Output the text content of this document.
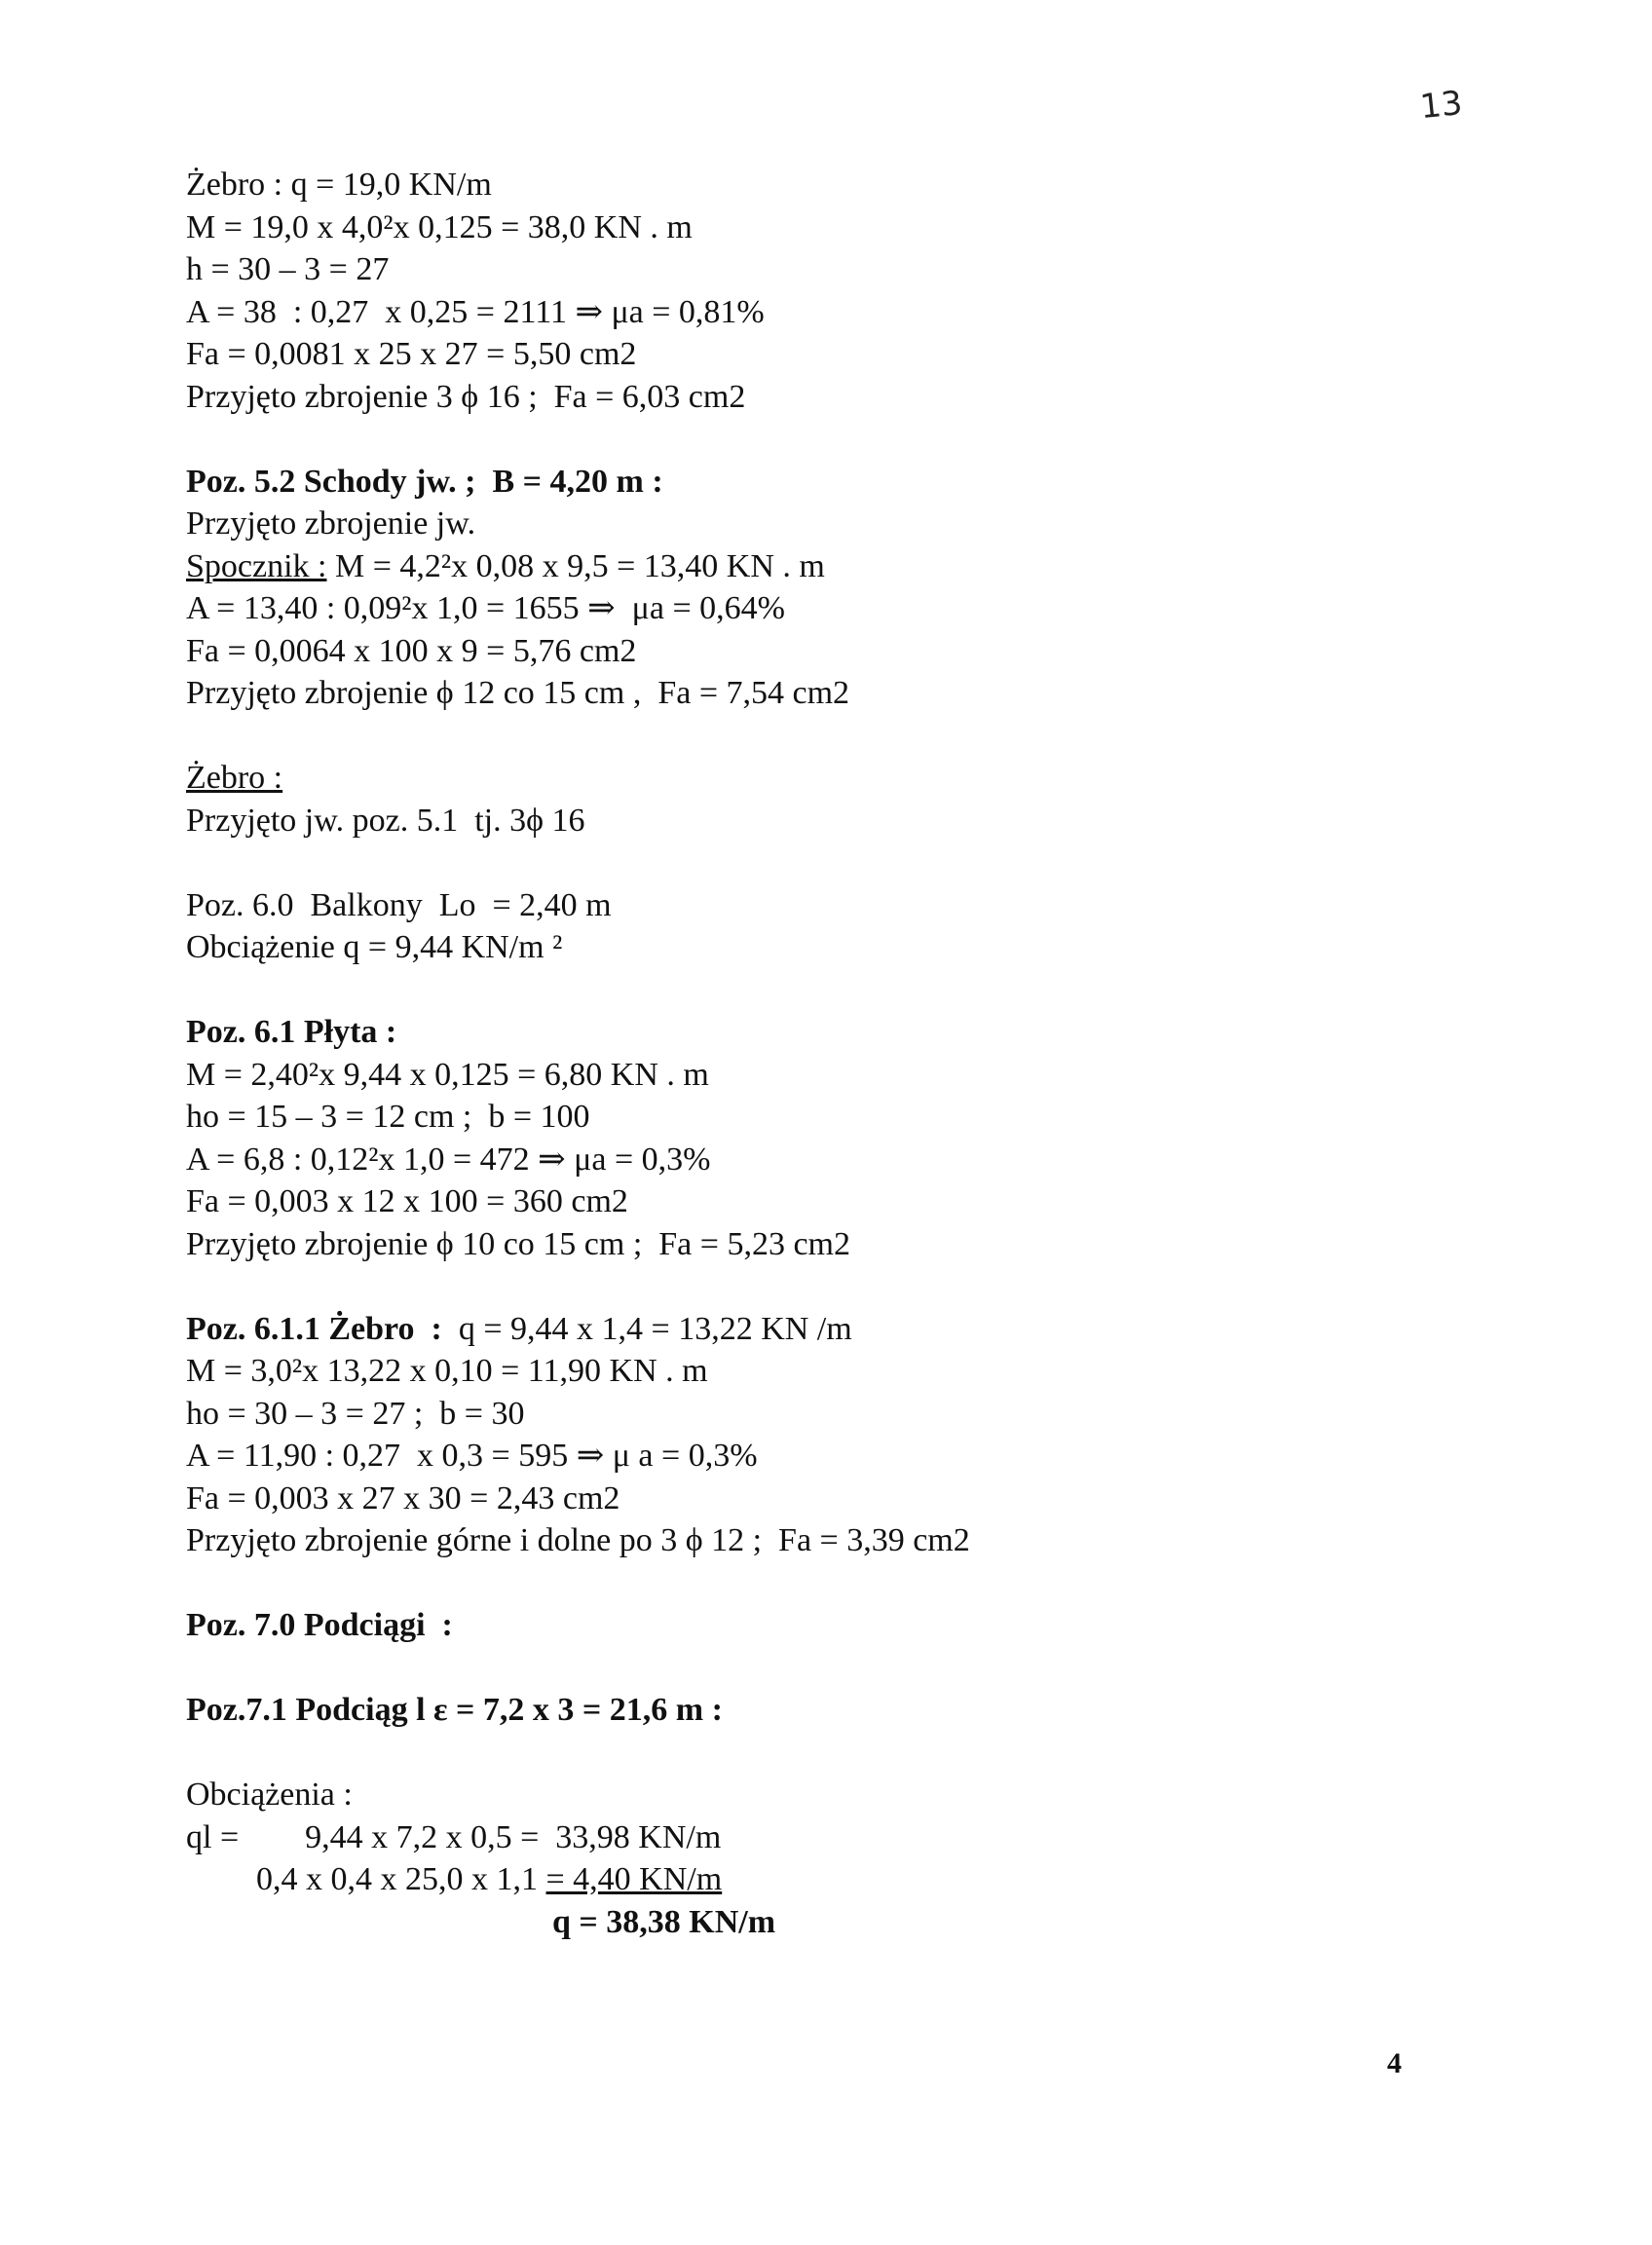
13
Żebro : q = 19,0 KN/m
M = 19,0 x 4,0²x 0,125 = 38,0 KN . m
h = 30 – 3 = 27
A = 38  : 0,27  x 0,25 = 2111 ⇒ μa = 0,81%
Fa = 0,0081 x 25 x 27 = 5,50 cm2
Przyjęto zbrojenie 3 ϕ 16 ;  Fa = 6,03 cm2
Poz. 5.2 Schody jw. ;  B = 4,20 m :
Przyjęto zbrojenie jw.
Spocznik : M = 4,2²x 0,08 x 9,5 = 13,40 KN . m
A = 13,40 : 0,09²x 1,0 = 1655 ⇒  μa = 0,64%
Fa = 0,0064 x 100 x 9 = 5,76 cm2
Przyjęto zbrojenie ϕ 12 co 15 cm ,  Fa = 7,54 cm2
Żebro :
Przyjęto jw. poz. 5.1  tj. 3ϕ 16
Poz. 6.0  Balkony  Lo  = 2,40 m
Obciążenie q = 9,44 KN/m ²
Poz. 6.1 Płyta :
M = 2,40²x 9,44 x 0,125 = 6,80 KN . m
ho = 15 – 3 = 12 cm ;  b = 100
A = 6,8 : 0,12²x 1,0 = 472 ⇒ μa = 0,3%
Fa = 0,003 x 12 x 100 = 360 cm2
Przyjęto zbrojenie ϕ 10 co 15 cm ;  Fa = 5,23 cm2
Poz. 6.1.1 Żebro  :  q = 9,44 x 1,4 = 13,22 KN /m
M = 3,0²x 13,22 x 0,10 = 11,90 KN . m
ho = 30 – 3 = 27 ;  b = 30
A = 11,90 : 0,27  x 0,3 = 595 ⇒ μ a = 0,3%
Fa = 0,003 x 27 x 30 = 2,43 cm2
Przyjęto zbrojenie górne i dolne po 3 ϕ 12 ;  Fa = 3,39 cm2
Poz. 7.0 Podciągi  :
Poz.7.1 Podciąg l ε = 7,2 x 3 = 21,6 m :
Obciążenia :
ql =        9,44 x 7,2 x 0,5 =  33,98 KN/m
0,4 x 0,4 x 25,0 x 1,1 = 4,40 KN/m
q = 38,38 KN/m
4
